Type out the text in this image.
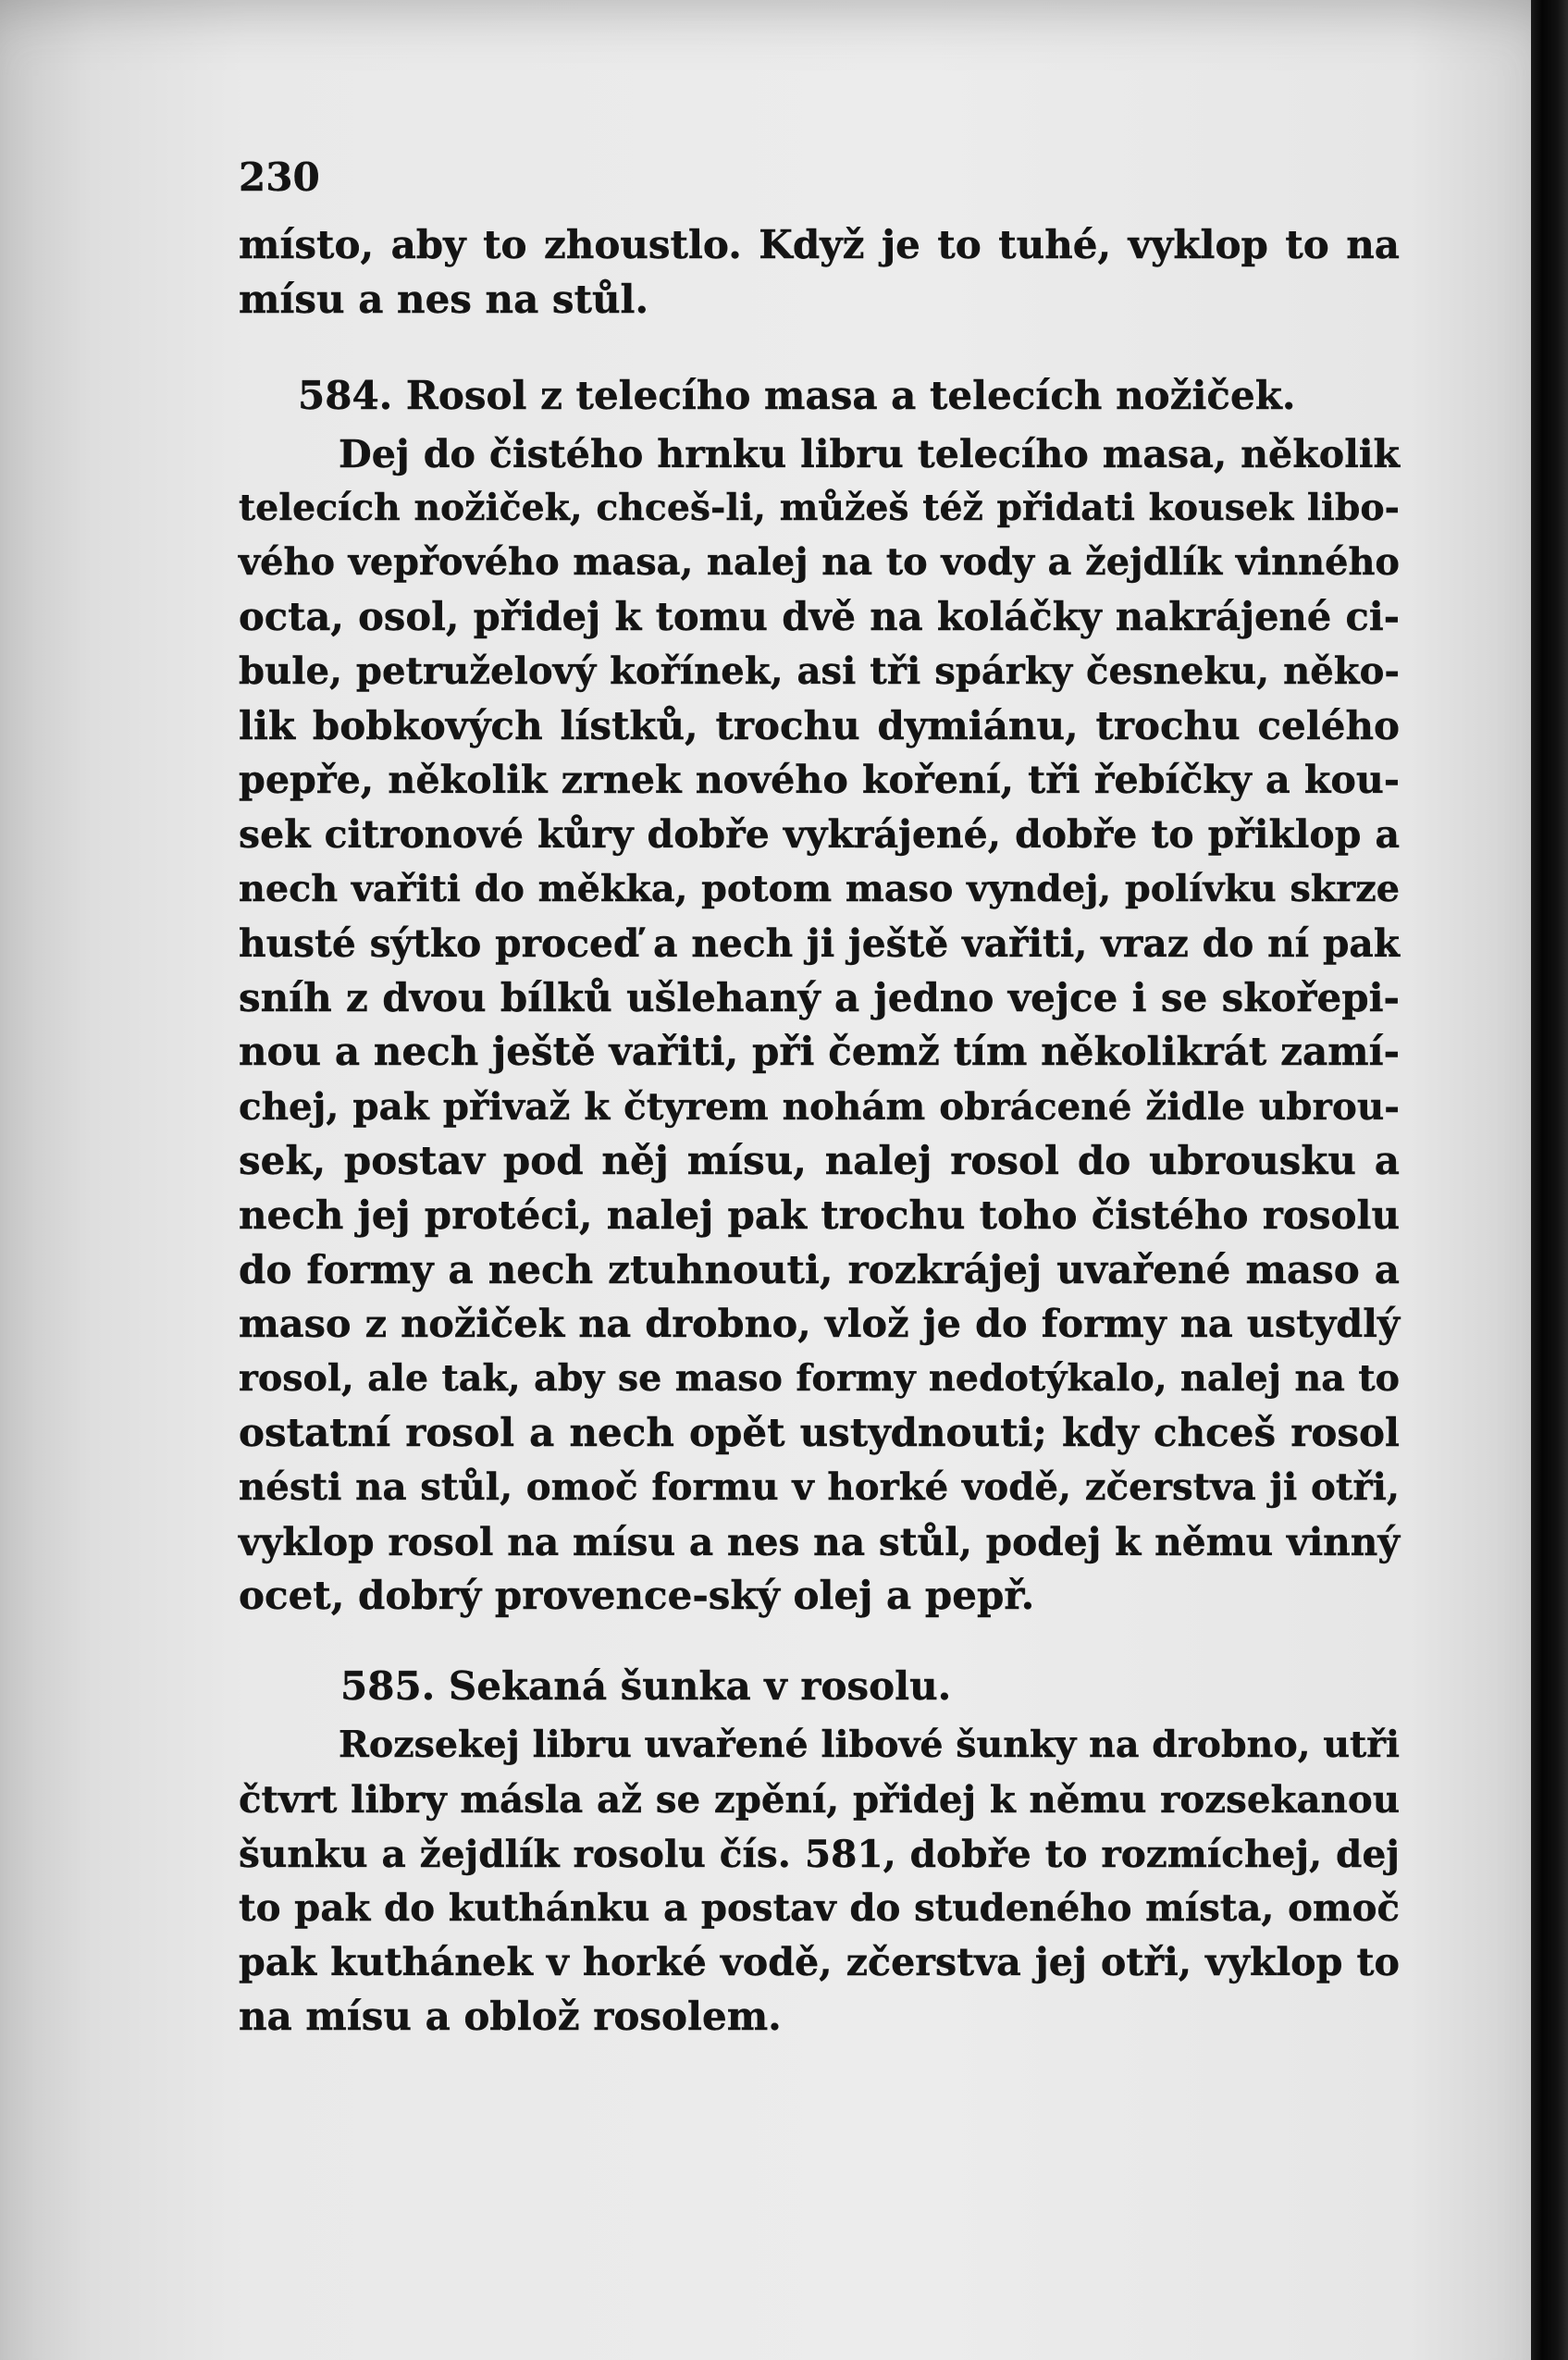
230
místo, aby to zhoustlo. Když je to tuhé, vyklop to na
mísu a nes na stůl.
584. Rosol z telecího masa a telecích nožiček.
Dej do čistého hrnku libru telecího masa, několik
telecích nožiček, chceš-li, můžeš též přidati kousek libo-
vého vepřového masa, nalej na to vody a žejdlík vinného
octa, osol, přidej k tomu dvě na koláčky nakrájené ci-
bule, petruželový kořínek, asi tři spárky česneku, něko-
lik bobkových lístků, trochu dymiánu, trochu celého
pepře, několik zrnek nového koření, tři řebíčky a kou-
sek citronové kůry dobře vykrájené, dobře to přiklop a
nech vařiti do měkka, potom maso vyndej, polívku skrze
husté sýtko proceď a nech ji ještě vařiti, vraz do ní pak
sníh z dvou bílků ušlehaný a jedno vejce i se skořepi-
nou a nech ještě vařiti, při čemž tím několikrát zamí-
chej, pak přivaž k čtyrem nohám obrácené židle ubrou-
sek, postav pod něj mísu, nalej rosol do ubrousku a
nech jej protéci, nalej pak trochu toho čistého rosolu
do formy a nech ztuhnouti, rozkrájej uvařené maso a
maso z nožiček na drobno, vlož je do formy na ustydlý
rosol, ale tak, aby se maso formy nedotýkalo, nalej na to
ostatní rosol a nech opět ustydnouti; kdy chceš rosol
nésti na stůl, omoč formu v horké vodě, zčerstva ji otři,
vyklop rosol na mísu a nes na stůl, podej k němu vinný
ocet, dobrý provence-ský olej a pepř.
585. Sekaná šunka v rosolu.
Rozsekej libru uvařené libové šunky na drobno, utři
čtvrt libry másla až se zpění, přidej k němu rozsekanou
šunku a žejdlík rosolu čís. 581, dobře to rozmíchej, dej
to pak do kuthánku a postav do studeného místa, omoč
pak kuthánek v horké vodě, zčerstva jej otři, vyklop to
na mísu a oblož rosolem.
